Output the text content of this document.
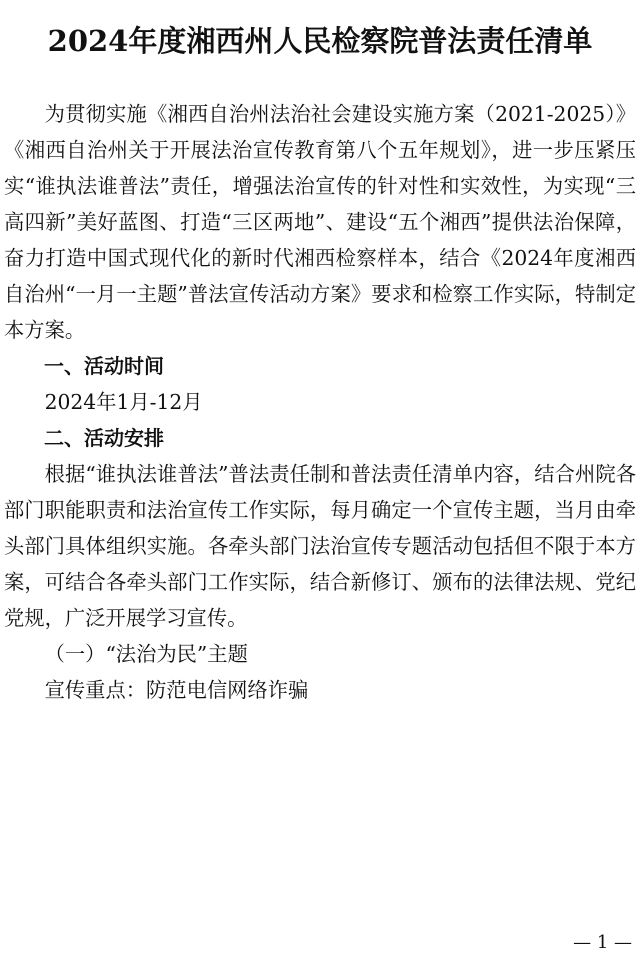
2024年度湘西州人民检察院普法责任清单

为贯彻实施《湘西自治州法治社会建设实施方案（2021-2025）》《湘西自治州关于开展法治宣传教育第八个五年规划》，进一步压紧压实“谁执法谁普法”责任，增强法治宣传的针对性和实效性，为实现“三高四新”美好蓝图、打造“三区两地”、建设“五个湘西”提供法治保障，奋力打造中国式现代化的新时代湘西检察样本，结合《2024年度湘西自治州“一月一主题”普法宣传活动方案》要求和检察工作实际，特制定本方案。

一、活动时间

2024年1月-12月

二、活动安排

根据“谁执法谁普法”普法责任制和普法责任清单内容，结合州院各部门职能职责和法治宣传工作实际，每月确定一个宣传主题，当月由牵头部门具体组织实施。各牵头部门法治宣传专题活动包括但不限于本方案，可结合各牵头部门工作实际，结合新修订、颁布的法律法规、党纪党规，广泛开展学习宣传。

（一）“法治为民”主题

宣传重点：防范电信网络诈骗

— 1 —
